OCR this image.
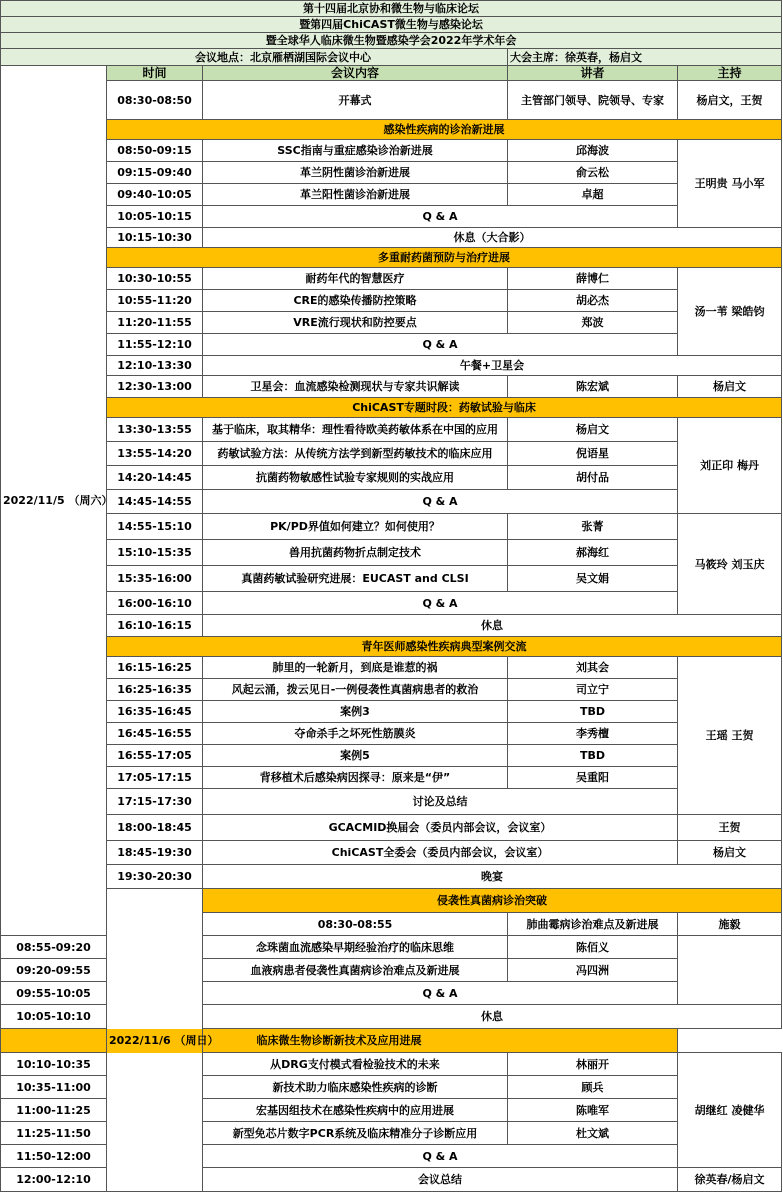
第十四届北京协和微生物与临床论坛					
暨第四届ChiCAST微生物与感染论坛					
暨全球华人临床微生物暨感染学会2022年学术年会					
会议地点：北京雁栖湖国际会议中心			大会主席：徐英春，杨启文		
2022/11/5 （周六）	时间	会议内容	讲者	主持	
	08:30-08:50	开幕式	主管部门领导、院领导、专家	杨启文，王贺	
	感染性疾病的诊治新进展				
	08:50-09:15	SSC指南与重症感染诊治新进展	邱海波	王明贵 马小军	
	09:15-09:40	革兰阴性菌诊治新进展	俞云松		
	09:40-10:05	革兰阳性菌诊治新进展	卓超		
	10:05-10:15	Q & A			
	10:15-10:30	休息（大合影）			
	多重耐药菌预防与治疗进展				
	10:30-10:55	耐药年代的智慧医疗	薛博仁	汤一苇 梁皓钧	
	10:55-11:20	CRE的感染传播防控策略	胡必杰		
	11:20-11:55	VRE流行现状和防控要点	郑波		
	11:55-12:10	Q & A			
	12:10-13:30	午餐+卫星会			
	12:30-13:00	卫星会：血流感染检测现状与专家共识解读	陈宏斌	杨启文	
	ChiCAST专题时段：药敏试验与临床				
	13:30-13:55	基于临床，取其精华：理性看待欧美药敏体系在中国的应用	杨启文	刘正印 梅丹	
	13:55-14:20	药敏试验方法：从传统方法学到新型药敏技术的临床应用	倪语星		
	14:20-14:45	抗菌药物敏感性试验专家规则的实战应用	胡付品		
	14:45-14:55	Q & A			
	14:55-15:10	PK/PD界值如何建立？如何使用？	张菁	马筱玲 刘玉庆	
	15:10-15:35	兽用抗菌药物折点制定技术	郝海红		
	15:35-16:00	真菌药敏试验研究进展：EUCAST and CLSI	吴文娟		
	16:00-16:10	Q & A			
	16:10-16:15	休息			
	青年医师感染性疾病典型案例交流				
	16:15-16:25	肺里的一轮新月，到底是谁惹的祸	刘其会	王瑶 王贺	
	16:25-16:35	风起云涌，拨云见日-一例侵袭性真菌病患者的救治	司立宁		
	16:35-16:45	案例3	TBD		
	16:45-16:55	夺命杀手之坏死性筋膜炎	李秀檀		
	16:55-17:05	案例5	TBD		
	17:05-17:15	背移植术后感染病因探寻：原来是“伊”	吴重阳		
	17:15-17:30	讨论及总结			
	18:00-18:45	GCACMID换届会（委员内部会议，会议室）		王贺	
	18:45-19:30	ChiCAST全委会（委员内部会议，会议室）		杨启文	
	19:30-20:30	晚宴			
	2022/11/6 （周日）	侵袭性真菌病诊治突破			
		08:30-08:55	肺曲霉病诊治难点及新进展	施毅	
08:55-09:20		念珠菌血流感染早期经验治疗的临床思维	陈佰义		
09:20-09:55		血液病患者侵袭性真菌病诊治难点及新进展	冯四洲		
09:55-10:05		Q & A			
10:05-10:10		休息			
临床微生物诊断新技术及应用进展					
10:10-10:35		从DRG支付模式看检验技术的未来	林丽开	胡继红 凌健华	
10:35-11:00		新技术助力临床感染性疾病的诊断	顾兵		
11:00-11:25		宏基因组技术在感染性疾病中的应用进展	陈唯军		
11:25-11:50		新型免芯片数字PCR系统及临床精准分子诊断应用	杜文斌		
11:50-12:00		Q & A			
12:00-12:10		会议总结		徐英春/杨启文	
